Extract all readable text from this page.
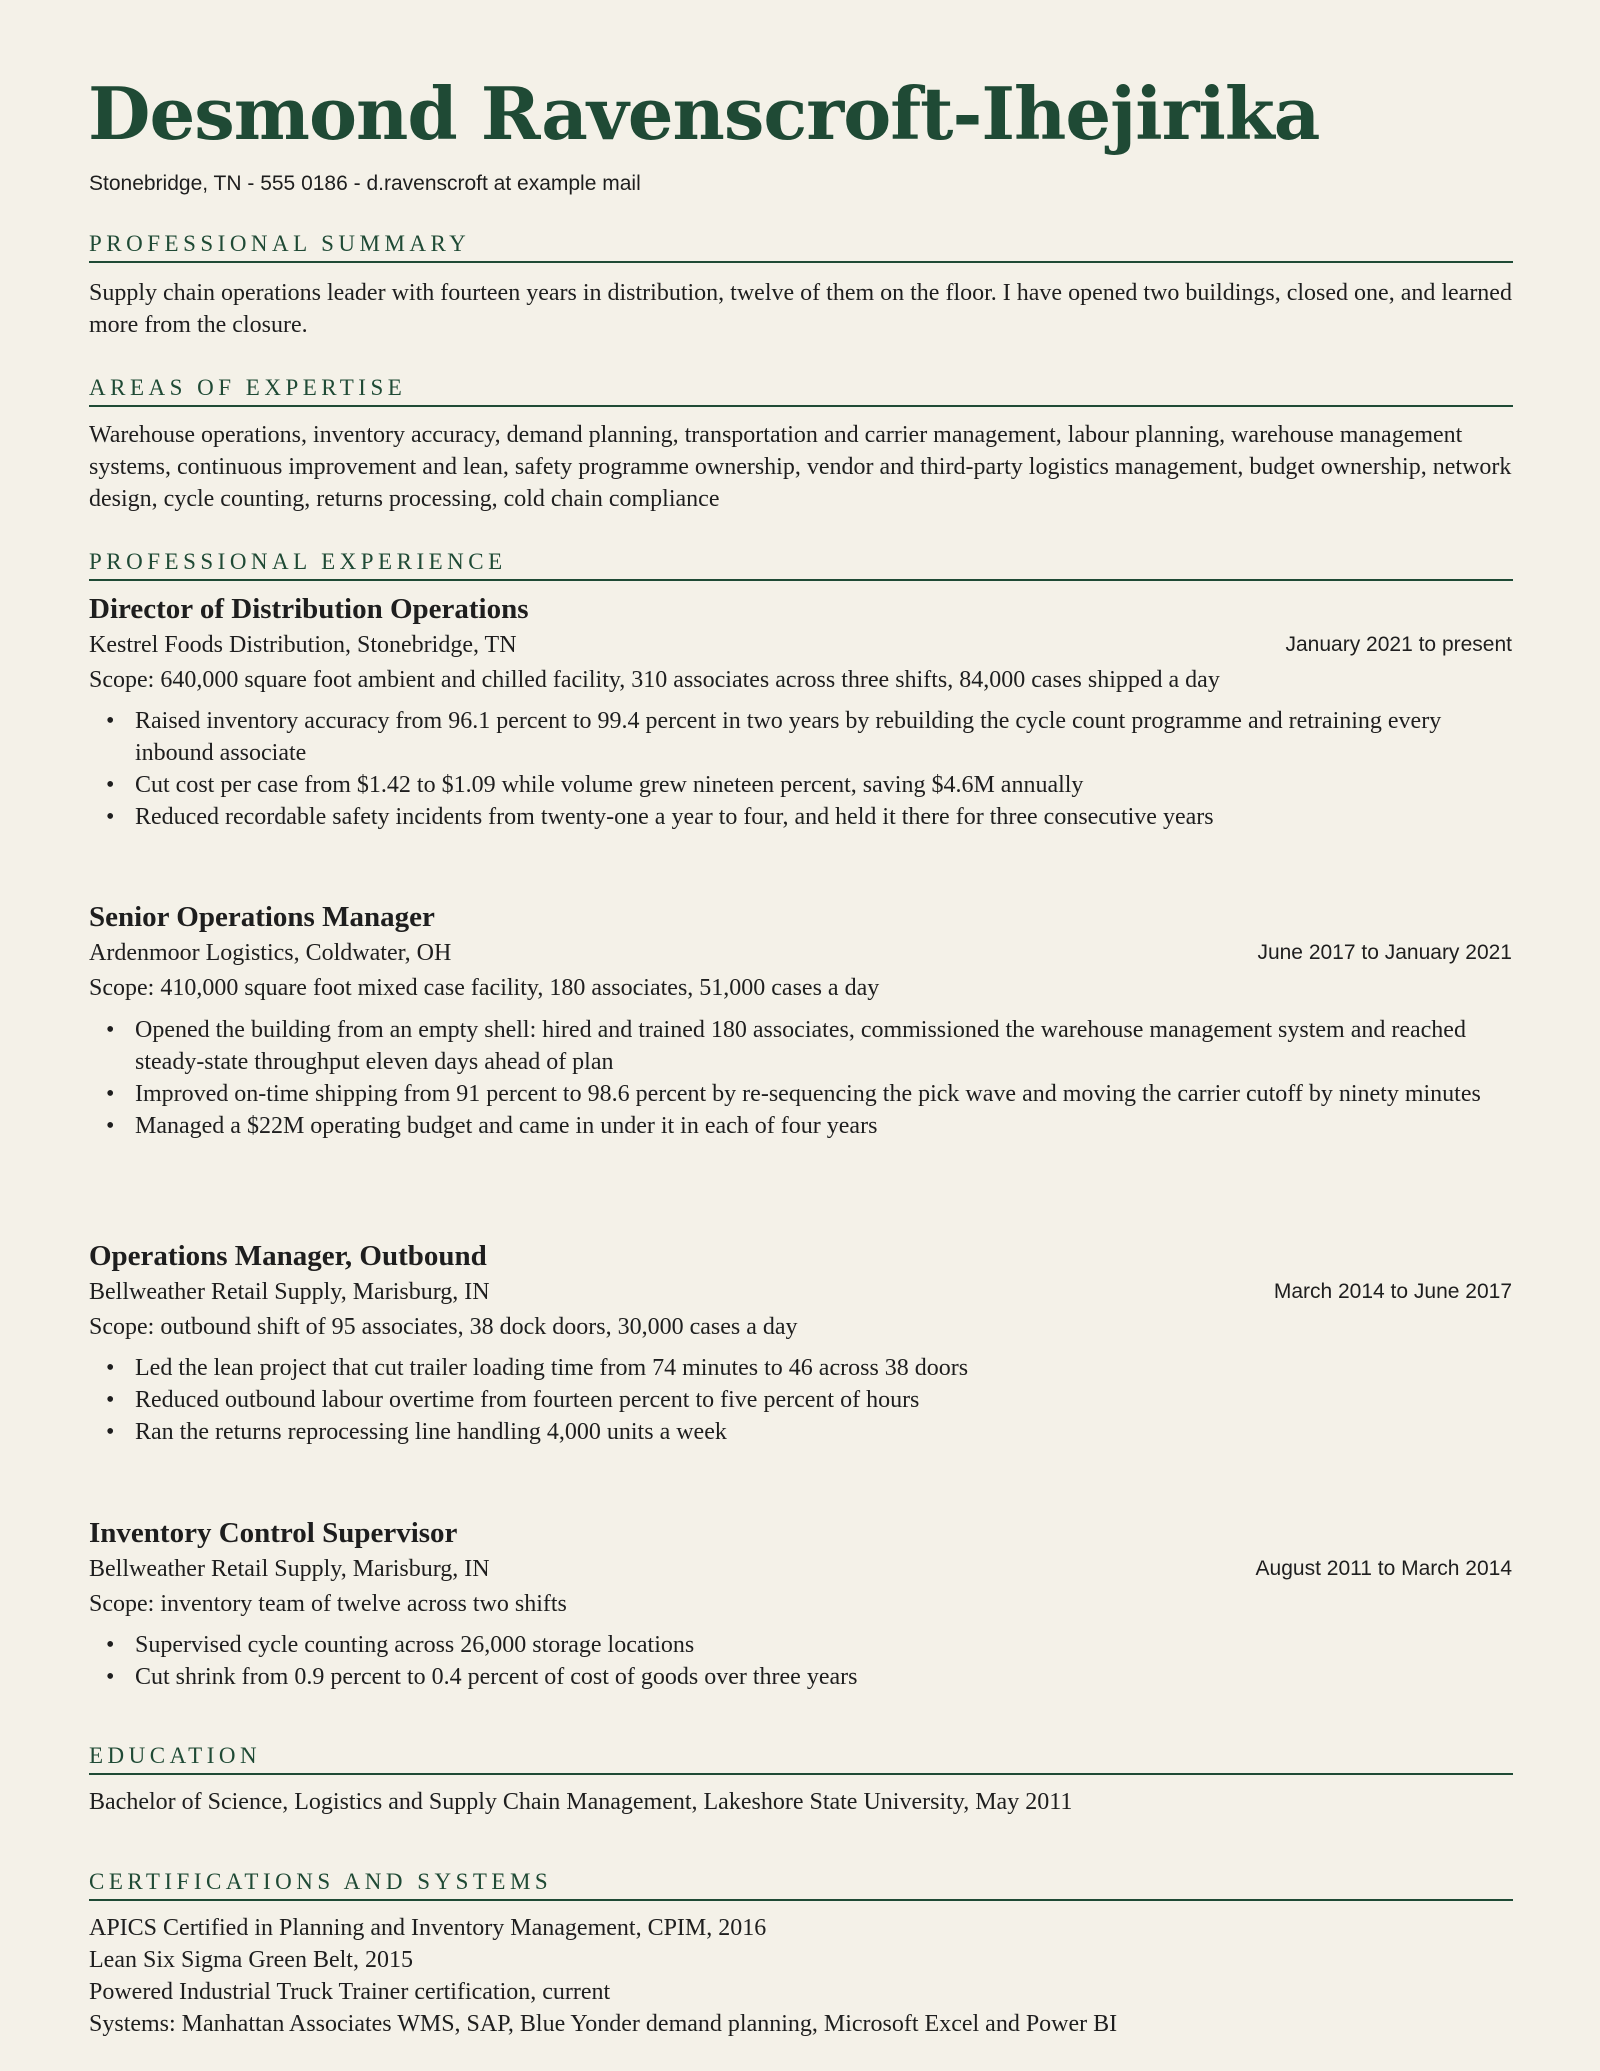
Desmond Ravenscroft-Ihejirika
Stonebridge, TN - 555 0186 - d.ravenscroft at example mail
PROFESSIONAL SUMMARY
Supply chain operations leader with fourteen years in distribution, twelve of them on the floor. I have opened two buildings, closed one, and learned more from the closure.
AREAS OF EXPERTISE
Warehouse operations, inventory accuracy, demand planning, transportation and carrier management, labour planning, warehouse management systems, continuous improvement and lean, safety programme ownership, vendor and third-party logistics management, budget ownership, network design, cycle counting, returns processing, cold chain compliance
PROFESSIONAL EXPERIENCE
Director of Distribution Operations
Kestrel Foods Distribution, Stonebridge, TN	January 2021 to present
Scope: 640,000 square foot ambient and chilled facility, 310 associates across three shifts, 84,000 cases shipped a day
• Raised inventory accuracy from 96.1 percent to 99.4 percent in two years by rebuilding the cycle count programme and retraining every inbound associate
• Cut cost per case from $1.42 to $1.09 while volume grew nineteen percent, saving $4.6M annually
• Reduced recordable safety incidents from twenty-one a year to four, and held it there for three consecutive years
Senior Operations Manager
Ardenmoor Logistics, Coldwater, OH	June 2017 to January 2021
Scope: 410,000 square foot mixed case facility, 180 associates, 51,000 cases a day
• Opened the building from an empty shell: hired and trained 180 associates, commissioned the warehouse management system and reached steady-state throughput eleven days ahead of plan
• Improved on-time shipping from 91 percent to 98.6 percent by re-sequencing the pick wave and moving the carrier cutoff by ninety minutes
• Managed a $22M operating budget and came in under it in each of four years
Operations Manager, Outbound
Bellweather Retail Supply, Marisburg, IN	March 2014 to June 2017
Scope: outbound shift of 95 associates, 38 dock doors, 30,000 cases a day
• Led the lean project that cut trailer loading time from 74 minutes to 46 across 38 doors
• Reduced outbound labour overtime from fourteen percent to five percent of hours
• Ran the returns reprocessing line handling 4,000 units a week
Inventory Control Supervisor
Bellweather Retail Supply, Marisburg, IN	August 2011 to March 2014
Scope: inventory team of twelve across two shifts
• Supervised cycle counting across 26,000 storage locations
• Cut shrink from 0.9 percent to 0.4 percent of cost of goods over three years
EDUCATION
Bachelor of Science, Logistics and Supply Chain Management, Lakeshore State University, May 2011
CERTIFICATIONS AND SYSTEMS
APICS Certified in Planning and Inventory Management, CPIM, 2016
Lean Six Sigma Green Belt, 2015
Powered Industrial Truck Trainer certification, current
Systems: Manhattan Associates WMS, SAP, Blue Yonder demand planning, Microsoft Excel and Power BI
